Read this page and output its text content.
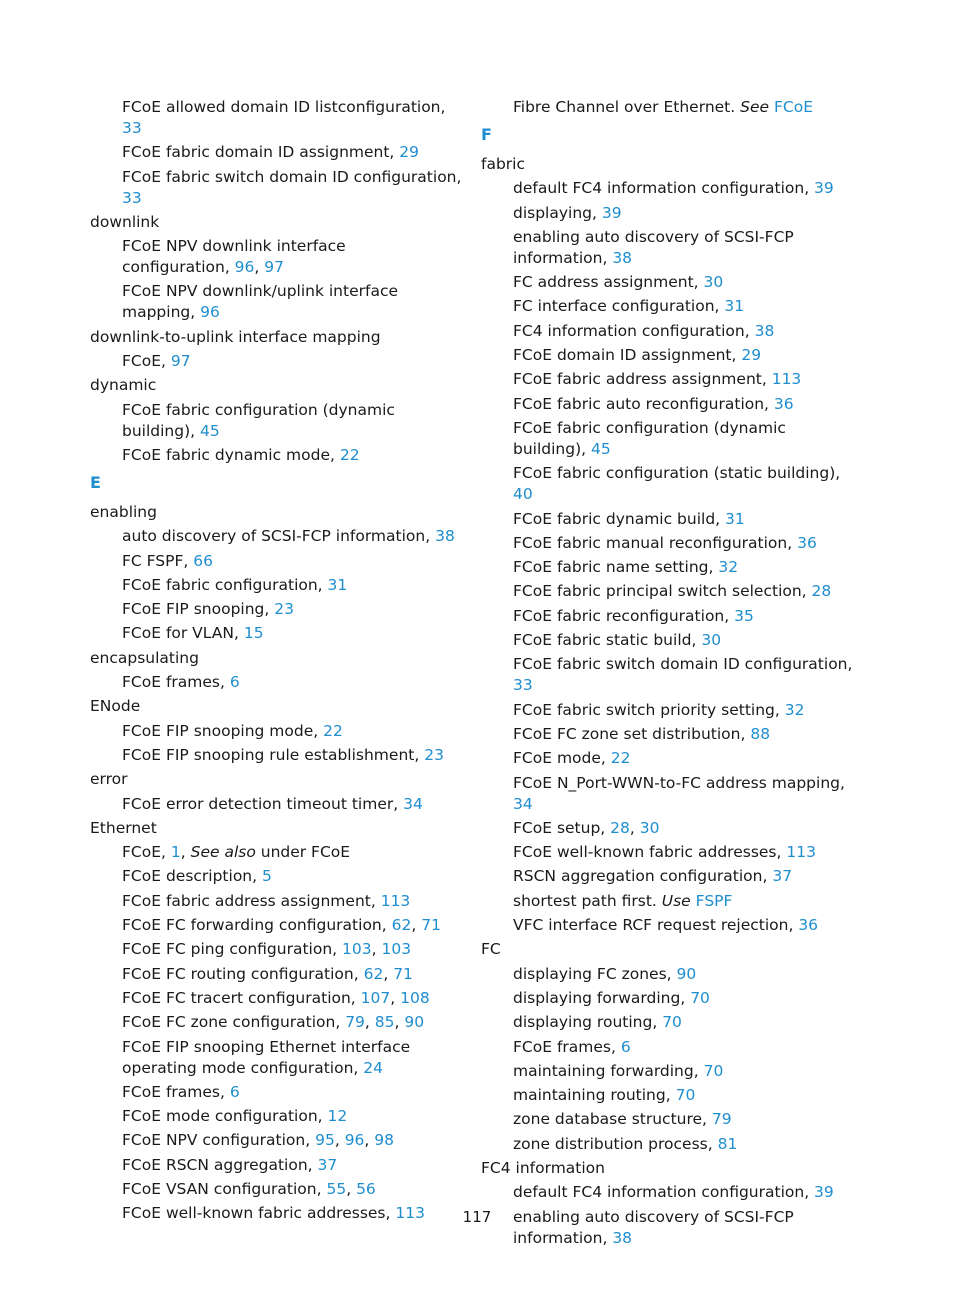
FCoE allowed domain ID listconfiguration, 33
FCoE fabric domain ID assignment, 29
FCoE fabric switch domain ID configuration, 33
downlink
FCoE NPV downlink interface configuration, 96, 97
FCoE NPV downlink/uplink interface mapping, 96
downlink-to-uplink interface mapping
FCoE, 97
dynamic
FCoE fabric configuration (dynamic building), 45
FCoE fabric dynamic mode, 22
E
enabling
auto discovery of SCSI-FCP information, 38
FC FSPF, 66
FCoE fabric configuration, 31
FCoE FIP snooping, 23
FCoE for VLAN, 15
encapsulating
FCoE frames, 6
ENode
FCoE FIP snooping mode, 22
FCoE FIP snooping rule establishment, 23
error
FCoE error detection timeout timer, 34
Ethernet
FCoE, 1, See also under FCoE
FCoE description, 5
FCoE fabric address assignment, 113
FCoE FC forwarding configuration, 62, 71
FCoE FC ping configuration, 103, 103
FCoE FC routing configuration, 62, 71
FCoE FC tracert configuration, 107, 108
FCoE FC zone configuration, 79, 85, 90
FCoE FIP snooping Ethernet interface operating mode configuration, 24
FCoE frames, 6
FCoE mode configuration, 12
FCoE NPV configuration, 95, 96, 98
FCoE RSCN aggregation, 37
FCoE VSAN configuration, 55, 56
FCoE well-known fabric addresses, 113
Fibre Channel over Ethernet. See FCoE
F
fabric
default FC4 information configuration, 39
displaying, 39
enabling auto discovery of SCSI-FCP information, 38
FC address assignment, 30
FC interface configuration, 31
FC4 information configuration, 38
FCoE domain ID assignment, 29
FCoE fabric address assignment, 113
FCoE fabric auto reconfiguration, 36
FCoE fabric configuration (dynamic building), 45
FCoE fabric configuration (static building), 40
FCoE fabric dynamic build, 31
FCoE fabric manual reconfiguration, 36
FCoE fabric name setting, 32
FCoE fabric principal switch selection, 28
FCoE fabric reconfiguration, 35
FCoE fabric static build, 30
FCoE fabric switch domain ID configuration, 33
FCoE fabric switch priority setting, 32
FCoE FC zone set distribution, 88
FCoE mode, 22
FCoE N_Port-WWN-to-FC address mapping, 34
FCoE setup, 28, 30
FCoE well-known fabric addresses, 113
RSCN aggregation configuration, 37
shortest path first. Use FSPF
VFC interface RCF request rejection, 36
FC
displaying FC zones, 90
displaying forwarding, 70
displaying routing, 70
FCoE frames, 6
maintaining forwarding, 70
maintaining routing, 70
zone database structure, 79
zone distribution process, 81
FC4 information
default FC4 information configuration, 39
enabling auto discovery of SCSI-FCP information, 38
117
